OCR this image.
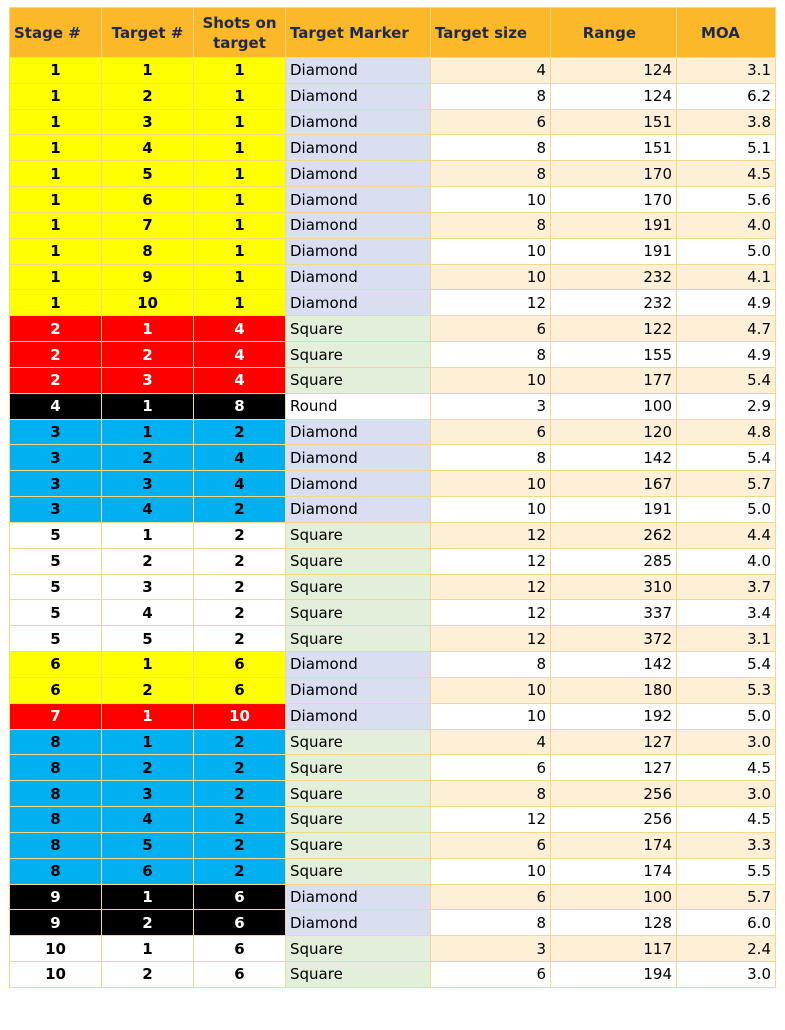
Stage #	Target #	Shots on target	Target Marker	Target size	Range	MOA
1	1	1	Diamond	4	124	3.1
1	2	1	Diamond	8	124	6.2
1	3	1	Diamond	6	151	3.8
1	4	1	Diamond	8	151	5.1
1	5	1	Diamond	8	170	4.5
1	6	1	Diamond	10	170	5.6
1	7	1	Diamond	8	191	4.0
1	8	1	Diamond	10	191	5.0
1	9	1	Diamond	10	232	4.1
1	10	1	Diamond	12	232	4.9
2	1	4	Square	6	122	4.7
2	2	4	Square	8	155	4.9
2	3	4	Square	10	177	5.4
4	1	8	Round	3	100	2.9
3	1	2	Diamond	6	120	4.8
3	2	4	Diamond	8	142	5.4
3	3	4	Diamond	10	167	5.7
3	4	2	Diamond	10	191	5.0
5	1	2	Square	12	262	4.4
5	2	2	Square	12	285	4.0
5	3	2	Square	12	310	3.7
5	4	2	Square	12	337	3.4
5	5	2	Square	12	372	3.1
6	1	6	Diamond	8	142	5.4
6	2	6	Diamond	10	180	5.3
7	1	10	Diamond	10	192	5.0
8	1	2	Square	4	127	3.0
8	2	2	Square	6	127	4.5
8	3	2	Square	8	256	3.0
8	4	2	Square	12	256	4.5
8	5	2	Square	6	174	3.3
8	6	2	Square	10	174	5.5
9	1	6	Diamond	6	100	5.7
9	2	6	Diamond	8	128	6.0
10	1	6	Square	3	117	2.4
10	2	6	Square	6	194	3.0
